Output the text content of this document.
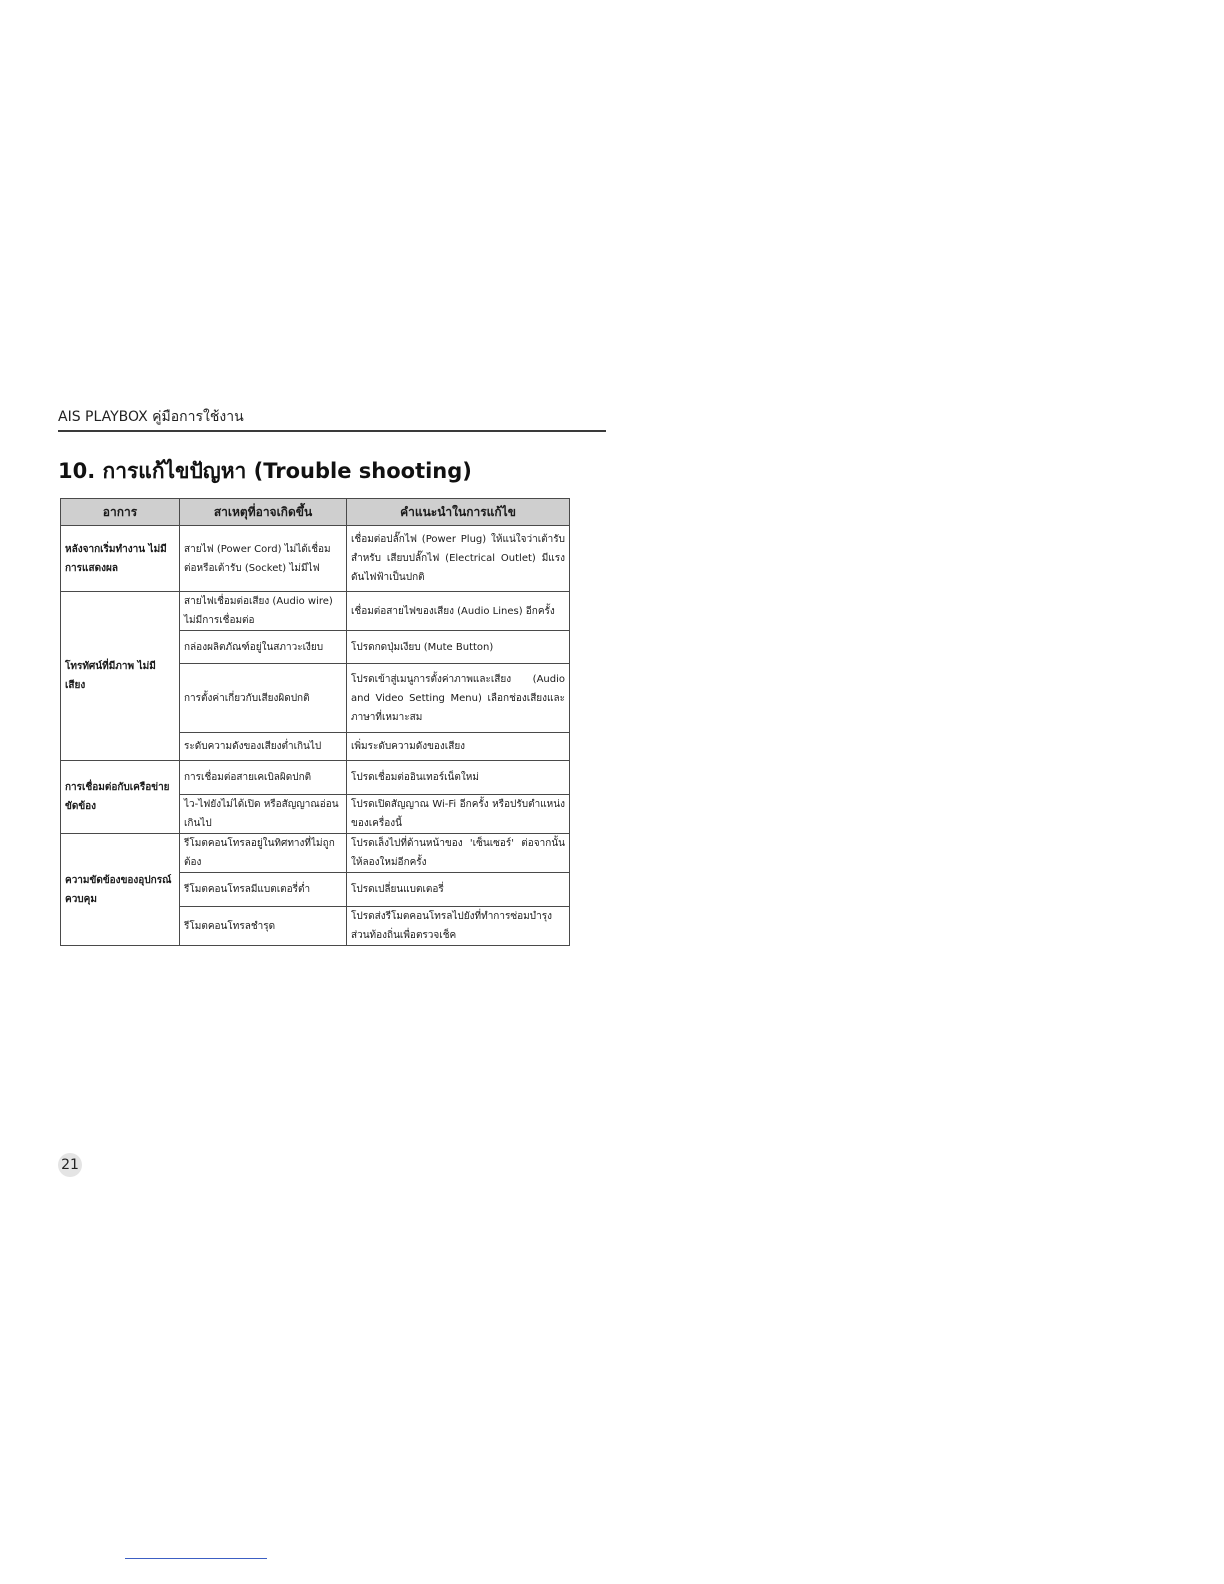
AIS PLAYBOX คู่มือการใช้งาน
10. การแก้ไขปัญหา (Trouble shooting)
อาการ	สาเหตุที่อาจเกิดขึ้น	คำแนะนำในการแก้ไข
หลังจากเริ่มทำงาน ไม่มีการแสดงผล	สายไฟ (Power Cord) ไม่ได้เชื่อมต่อหรือเต้ารับ (Socket) ไม่มีไฟ	เชื่อมต่อปลั๊กไฟ (Power Plug) ให้แน่ใจว่าเต้ารับสำหรับ เสียบปลั๊กไฟ (Electrical Outlet) มีแรงดันไฟฟ้าเป็นปกติ
โทรทัศน์ที่มีภาพ ไม่มีเสียง	สายไฟเชื่อมต่อเสียง (Audio wire) ไม่มีการเชื่อมต่อ	เชื่อมต่อสายไฟของเสียง (Audio Lines) อีกครั้ง
	กล่องผลิตภัณฑ์อยู่ในสภาวะเงียบ	โปรดกดปุ่มเงียบ (Mute Button)
	การตั้งค่าเกี่ยวกับเสียงผิดปกติ	โปรดเข้าสู่เมนูการตั้งค่าภาพและเสียง (Audio and Video Setting Menu) เลือกช่องเสียงและภาษาที่เหมาะสม
	ระดับความดังของเสียงต่ำเกินไป	เพิ่มระดับความดังของเสียง
การเชื่อมต่อกับเครือข่ายขัดข้อง	การเชื่อมต่อสายเคเบิลผิดปกติ	โปรดเชื่อมต่ออินเทอร์เน็ตใหม่
	ไว-ไฟยังไม่ได้เปิด หรือสัญญาณอ่อนเกินไป	โปรดเปิดสัญญาณ Wi-Fi อีกครั้ง หรือปรับตำแหน่งของเครื่องนี้
ความขัดข้องของอุปกรณ์ควบคุม	รีโมตคอนโทรลอยู่ในทิศทางที่ไม่ถูกต้อง	โปรดเล็งไปที่ด้านหน้าของ 'เซ็นเซอร์' ต่อจากนั้นให้ลองใหม่อีกครั้ง
	รีโมตคอนโทรลมีแบตเตอรี่ต่ำ	โปรดเปลี่ยนแบตเตอรี่
	รีโมตคอนโทรลชำรุด	โปรดส่งรีโมตคอนโทรลไปยังที่ทำการซ่อมบำรุงส่วนท้องถิ่นเพื่อตรวจเช็ค
21
